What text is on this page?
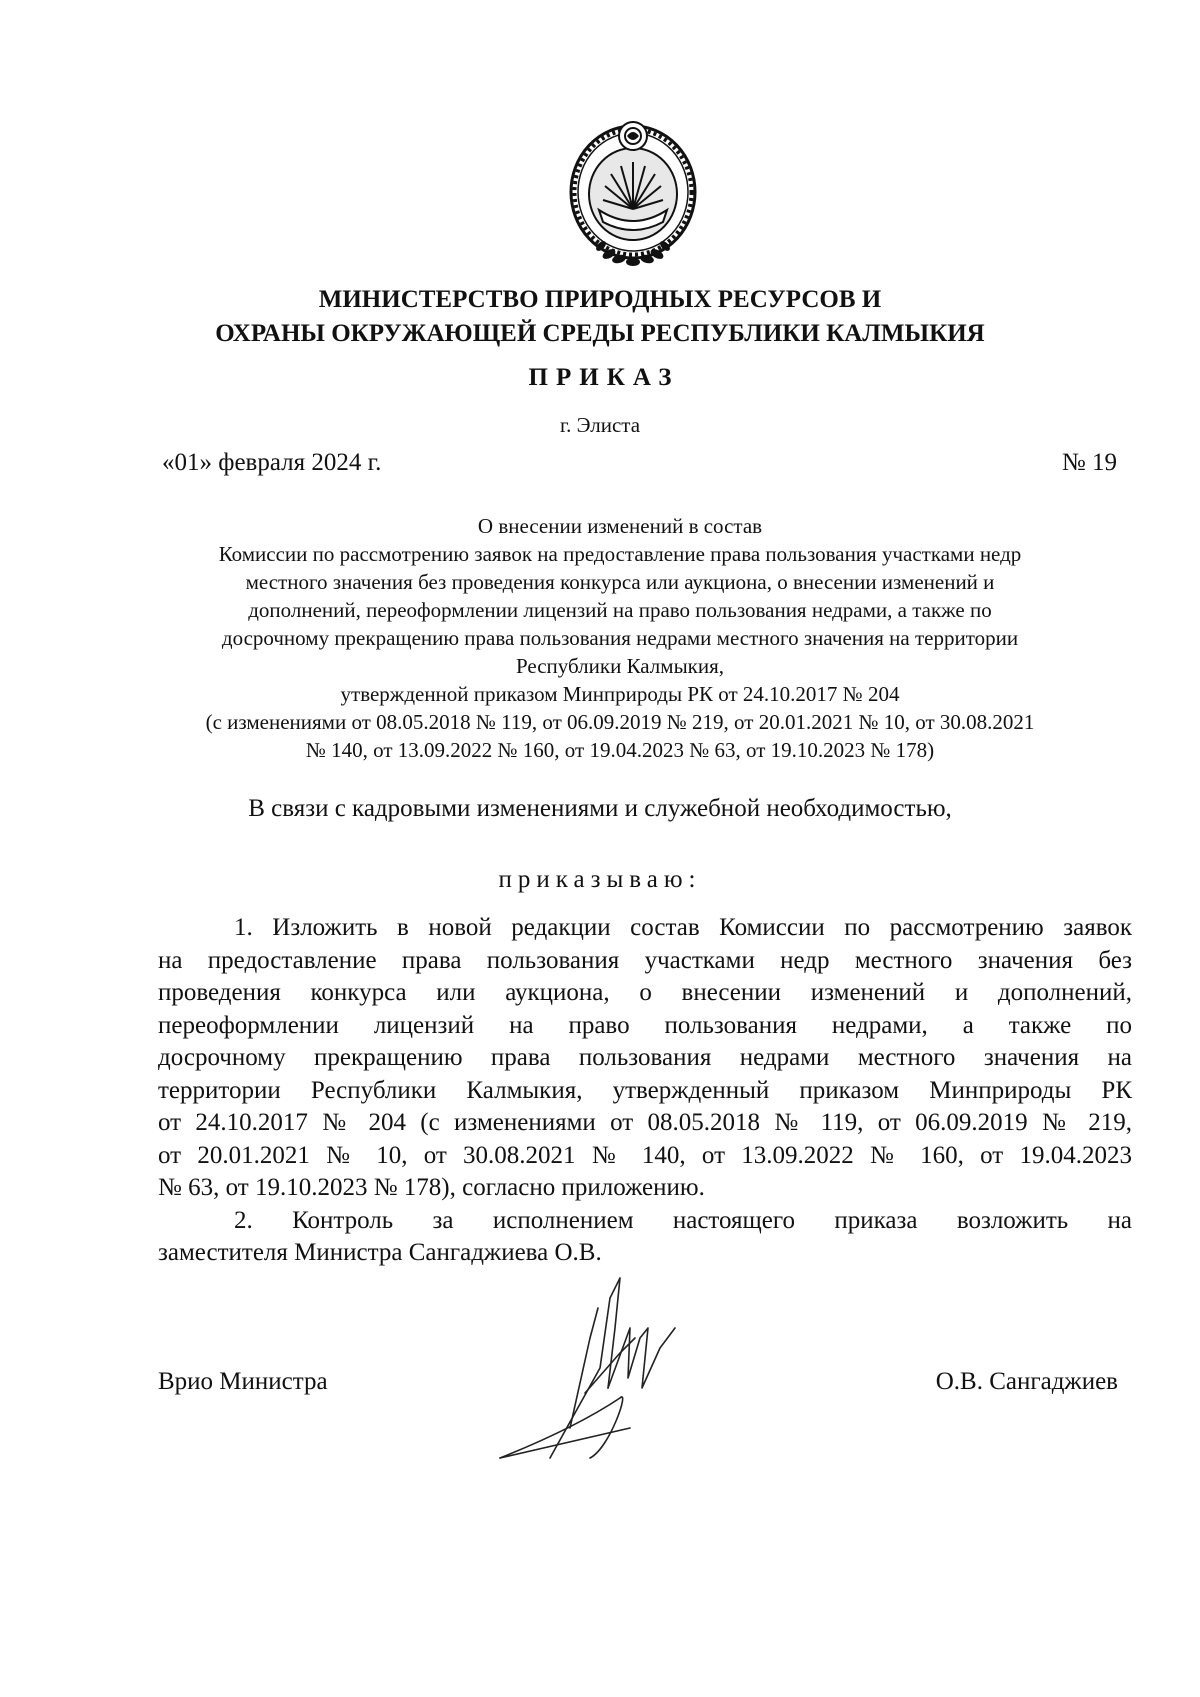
МИНИСТЕРСТВО ПРИРОДНЫХ РЕСУРСОВ И
ОХРАНЫ ОКРУЖАЮЩЕЙ СРЕДЫ РЕСПУБЛИКИ КАЛМЫКИЯ
ПРИКАЗ
г. Элиста
«01» февраля 2024 г.	№ 19
О внесении изменений в состав
Комиссии по рассмотрению заявок на предоставление права пользования участками недр
местного значения без проведения конкурса или аукциона, о внесении изменений и
дополнений, переоформлении лицензий на право пользования недрами, а также по
досрочному прекращению права пользования недрами местного значения на территории
Республики Калмыкия,
утвержденной приказом Минприроды РК от 24.10.2017 № 204
(с изменениями от 08.05.2018 № 119, от 06.09.2019 № 219, от 20.01.2021 № 10, от 30.08.2021
№ 140, от 13.09.2022 № 160, от 19.04.2023 № 63, от 19.10.2023 № 178)
В связи с кадровыми изменениями и служебной необходимостью,
приказываю:
1. Изложить в новой редакции состав Комиссии по рассмотрению заявок
на предоставление права пользования участками недр местного значения без
проведения конкурса или аукциона, о внесении изменений и дополнений,
переоформлении лицензий на право пользования недрами, а также по
досрочному прекращению права пользования недрами местного значения на
территории Республики Калмыкия, утвержденный приказом Минприроды РК
от 24.10.2017 № 204 (с изменениями от 08.05.2018 № 119, от 06.09.2019 № 219,
от 20.01.2021 № 10, от 30.08.2021 № 140, от 13.09.2022 № 160, от 19.04.2023
№ 63, от 19.10.2023 № 178), согласно приложению.
2. Контроль за исполнением настоящего приказа возложить на
заместителя Министра Сангаджиева О.В.
Врио Министра	О.В. Сангаджиев
